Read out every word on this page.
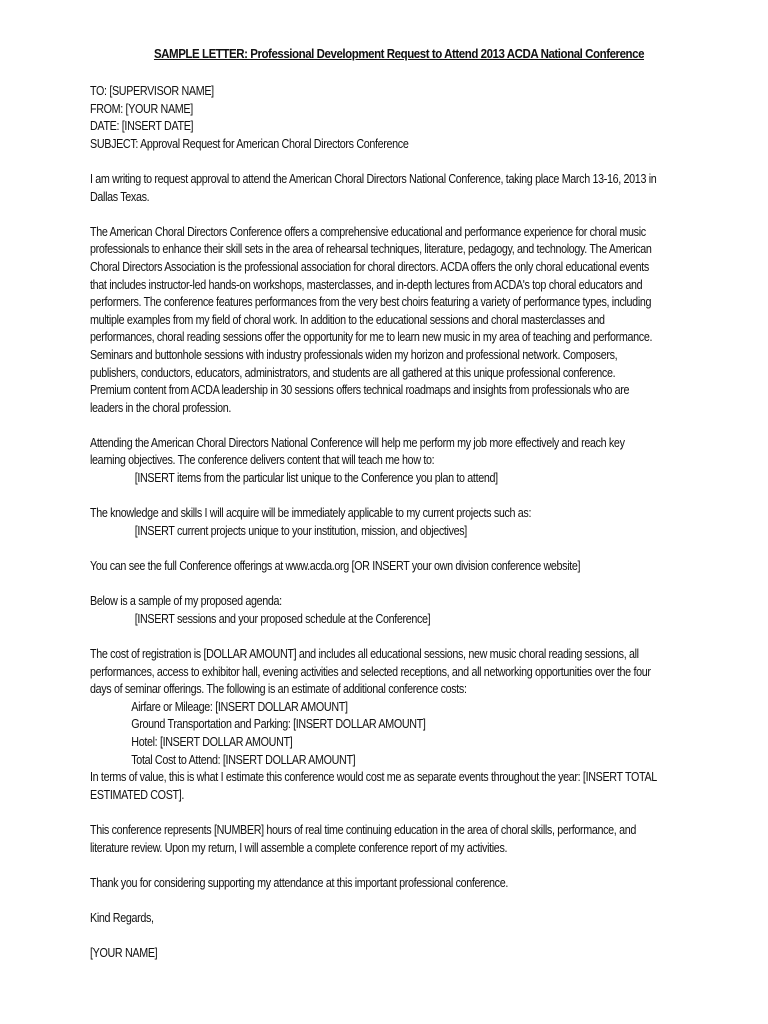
SAMPLE LETTER: Professional Development Request to Attend 2013 ACDA National Conference
TO: [SUPERVISOR NAME]
FROM: [YOUR NAME]
DATE: [INSERT DATE]
SUBJECT: Approval Request for American Choral Directors Conference
I am writing to request approval to attend the American Choral Directors National Conference, taking place March 13-16, 2013 in
Dallas Texas.
The American Choral Directors Conference offers a comprehensive educational and performance experience for choral music
professionals to enhance their skill sets in the area of rehearsal techniques, literature, pedagogy, and technology. The American
Choral Directors Association is the professional association for choral directors. ACDA offers the only choral educational events
that includes instructor-led hands-on workshops, masterclasses, and in-depth lectures from ACDA's top choral educators and
performers. The conference features performances from the very best choirs featuring a variety of performance types, including
multiple examples from my field of choral work. In addition to the educational sessions and choral masterclasses and
performances, choral reading sessions offer the opportunity for me to learn new music in my area of teaching and performance.
Seminars and buttonhole sessions with industry professionals widen my horizon and professional network. Composers,
publishers, conductors, educators, administrators, and students are all gathered at this unique professional conference.
Premium content from ACDA leadership in 30 sessions offers technical roadmaps and insights from professionals who are
leaders in the choral profession.
Attending the American Choral Directors National Conference will help me perform my job more effectively and reach key
learning objectives. The conference delivers content that will teach me how to:
[INSERT items from the particular list unique to the Conference you plan to attend]
The knowledge and skills I will acquire will be immediately applicable to my current projects such as:
[INSERT current projects unique to your institution, mission, and objectives]
You can see the full Conference offerings at www.acda.org [OR INSERT your own division conference website]
Below is a sample of my proposed agenda:
[INSERT sessions and your proposed schedule at the Conference]
The cost of registration is [DOLLAR AMOUNT] and includes all educational sessions, new music choral reading sessions, all
performances, access to exhibitor hall, evening activities and selected receptions, and all networking opportunities over the four
days of seminar offerings. The following is an estimate of additional conference costs:
Airfare or Mileage: [INSERT DOLLAR AMOUNT]
Ground Transportation and Parking: [INSERT DOLLAR AMOUNT]
Hotel: [INSERT DOLLAR AMOUNT]
Total Cost to Attend: [INSERT DOLLAR AMOUNT]
In terms of value, this is what I estimate this conference would cost me as separate events throughout the year: [INSERT TOTAL
ESTIMATED COST].
This conference represents [NUMBER] hours of real time continuing education in the area of choral skills, performance, and
literature review. Upon my return, I will assemble a complete conference report of my activities.
Thank you for considering supporting my attendance at this important professional conference.
Kind Regards,
[YOUR NAME]
